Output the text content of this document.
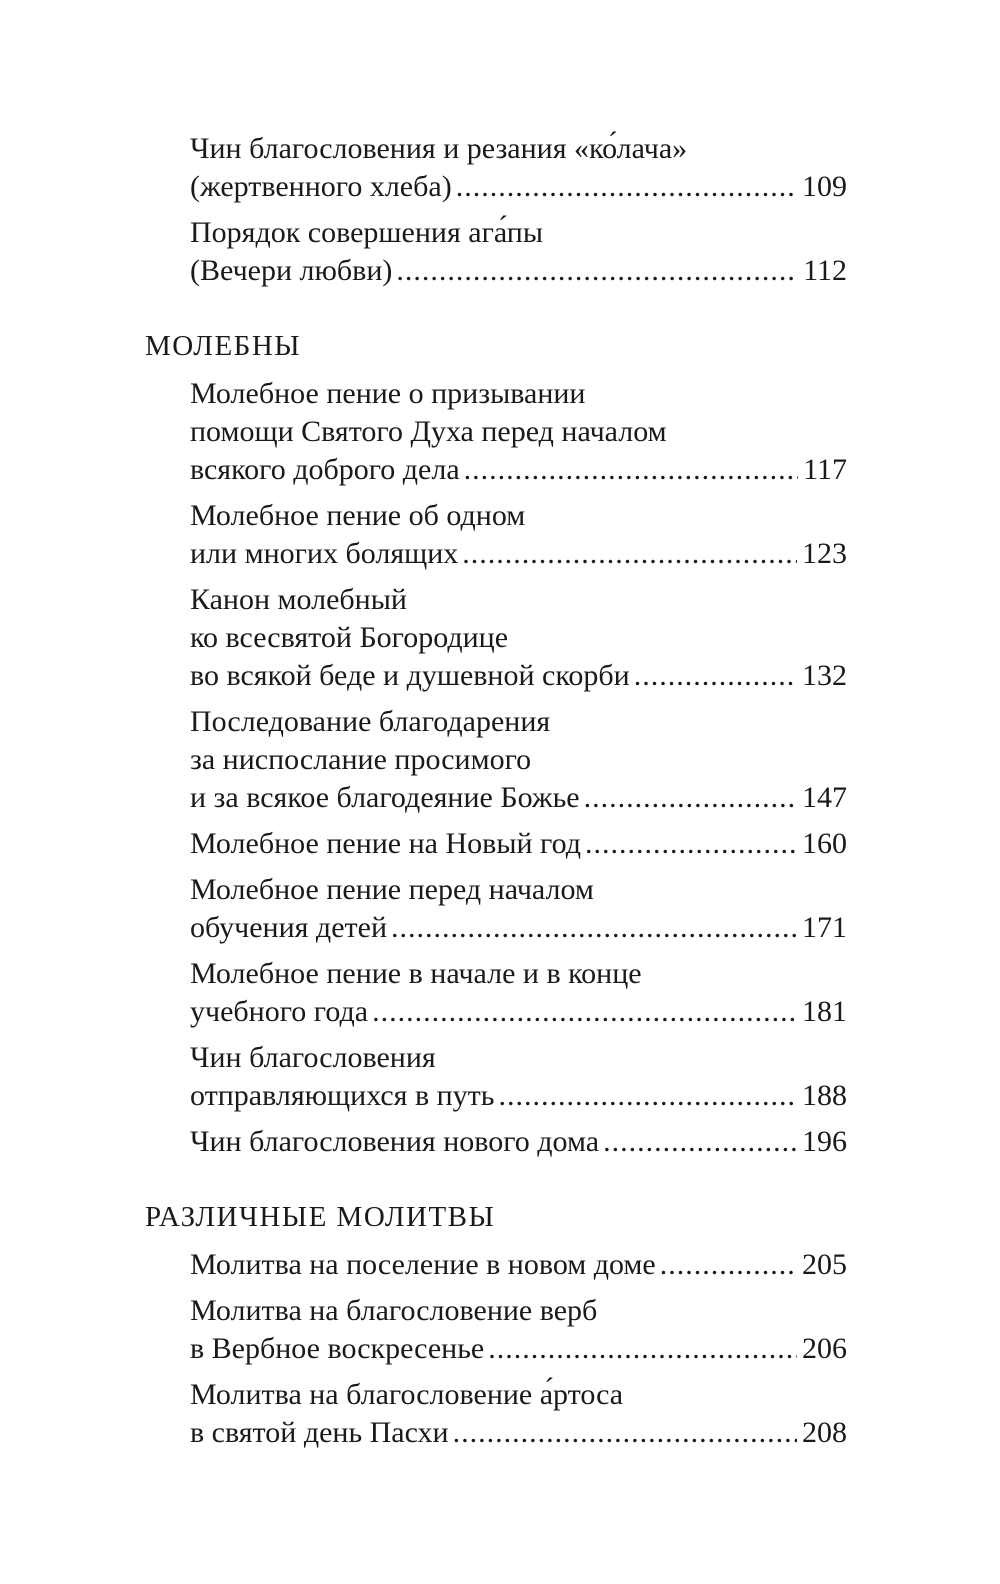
Чин благословения и резания «ко́лача»
(жертвенного хлеба) .....	109
Порядок совершения ага́пы
(Вечери любви) .....	112
МОЛЕБНЫ
Молебное пение о призывании
помощи Святого Духа перед началом
всякого доброго дела .....	117
Молебное пение об одном
или многих болящих .....	123
Канон молебный
ко всесвятой Богородице
во всякой беде и душевной скорби .....	132
Последование благодарения
за ниспослание просимого
и за всякое благодеяние Божье .....	147
Молебное пение на Новый год .....	160
Молебное пение перед началом
обучения детей .....	171
Молебное пение в начале и в конце
учебного года .....	181
Чин благословения
отправляющихся в путь .....	188
Чин благословения нового дома .....	196
РАЗЛИЧНЫЕ МОЛИТВЫ
Молитва на поселение в новом доме .....	205
Молитва на благословение верб
в Вербное воскресенье .....	206
Молитва на благословение а́ртоса
в святой день Пасхи .....	208
